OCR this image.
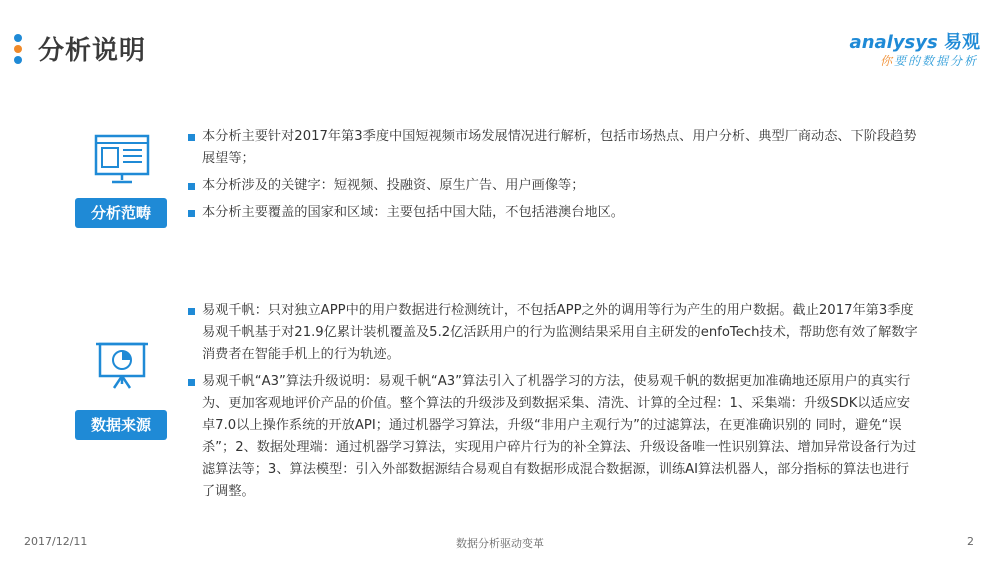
分析说明	analysys 易观
你要的数据分析
分析范畴
本分析主要针对2017年第3季度中国短视频市场发展情况进行解析，包括市场热点、用户分析、典型厂商动态、下阶段趋势展望等；
本分析涉及的关键字：短视频、投融资、原生广告、用户画像等；
本分析主要覆盖的国家和区域：主要包括中国大陆，不包括港澳台地区。
数据来源
易观千帆：只对独立APP中的用户数据进行检测统计，不包括APP之外的调用等行为产生的用户数据。截止2017年第3季度易观千帆基于对21.9亿累计装机覆盖及5.2亿活跃用户的行为监测结果采用自主研发的enfoTech技术，帮助您有效了解数字消费者在智能手机上的行为轨迹。
易观千帆“A3”算法升级说明：易观千帆“A3”算法引入了机器学习的方法，使易观千帆的数据更加准确地还原用户的真实行为、更加客观地评价产品的价值。整个算法的升级涉及到数据采集、清洗、计算的全过程：1、采集端：升级SDK以适应安卓7.0以上操作系统的开放API；通过机器学习算法，升级“非用户主观行为”的过滤算法，在更准确识别的 同时，避免“误杀”；2、数据处理端：通过机器学习算法，实现用户碎片行为的补全算法、升级设备唯一性识别算法、增加异常设备行为过滤算法等；3、算法模型：引入外部数据源结合易观自有数据形成混合数据源，训练AI算法机器人，部分指标的算法也进行了调整。
2017/12/11	数据分析驱动变革	2
